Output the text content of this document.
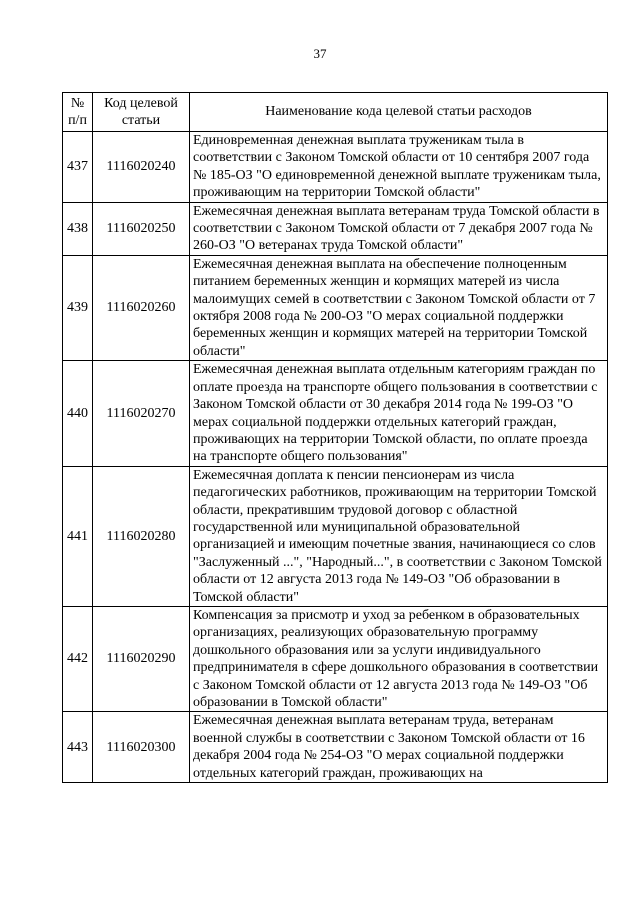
37
№ п/п	Код целевой статьи	Наименование кода целевой статьи расходов
437	1116020240	Единовременная денежная выплата труженикам тыла в соответствии с Законом Томской области от 10 сентября 2007 года № 185-ОЗ "О единовременной денежной выплате труженикам тыла, проживающим на территории Томской области"
438	1116020250	Ежемесячная денежная выплата ветеранам труда Томской области в соответствии с Законом Томской области от 7 декабря 2007 года № 260-ОЗ "О ветеранах труда Томской области"
439	1116020260	Ежемесячная денежная выплата на обеспечение полноценным питанием беременных женщин и кормящих матерей из числа малоимущих семей в соответствии с Законом Томской области от 7 октября 2008 года № 200-ОЗ "О мерах социальной поддержки беременных женщин и кормящих матерей на территории Томской области"
440	1116020270	Ежемесячная денежная выплата отдельным категориям граждан по оплате проезда на транспорте общего пользования в соответствии с Законом Томской области от 30 декабря 2014 года № 199-ОЗ "О мерах социальной поддержки отдельных категорий граждан, проживающих на территории Томской области, по оплате проезда на транспорте общего пользования"
441	1116020280	Ежемесячная доплата к пенсии пенсионерам из числа педагогических работников, проживающим на территории Томской области, прекратившим трудовой договор с областной государственной или муниципальной образовательной организацией и имеющим почетные звания, начинающиеся со слов "Заслуженный ...", "Народный...", в соответствии с Законом Томской области от 12 августа 2013 года № 149-ОЗ "Об образовании в Томской области"
442	1116020290	Компенсация за присмотр и уход за ребенком в образовательных организациях, реализующих образовательную программу дошкольного образования или за услуги индивидуального предпринимателя в сфере дошкольного образования в соответствии с Законом Томской области от 12 августа 2013 года № 149-ОЗ "Об образовании в Томской области"
443	1116020300	Ежемесячная денежная выплата ветеранам труда, ветеранам военной службы в соответствии с Законом Томской области от 16 декабря 2004 года № 254-ОЗ "О мерах социальной поддержки отдельных категорий граждан, проживающих на
